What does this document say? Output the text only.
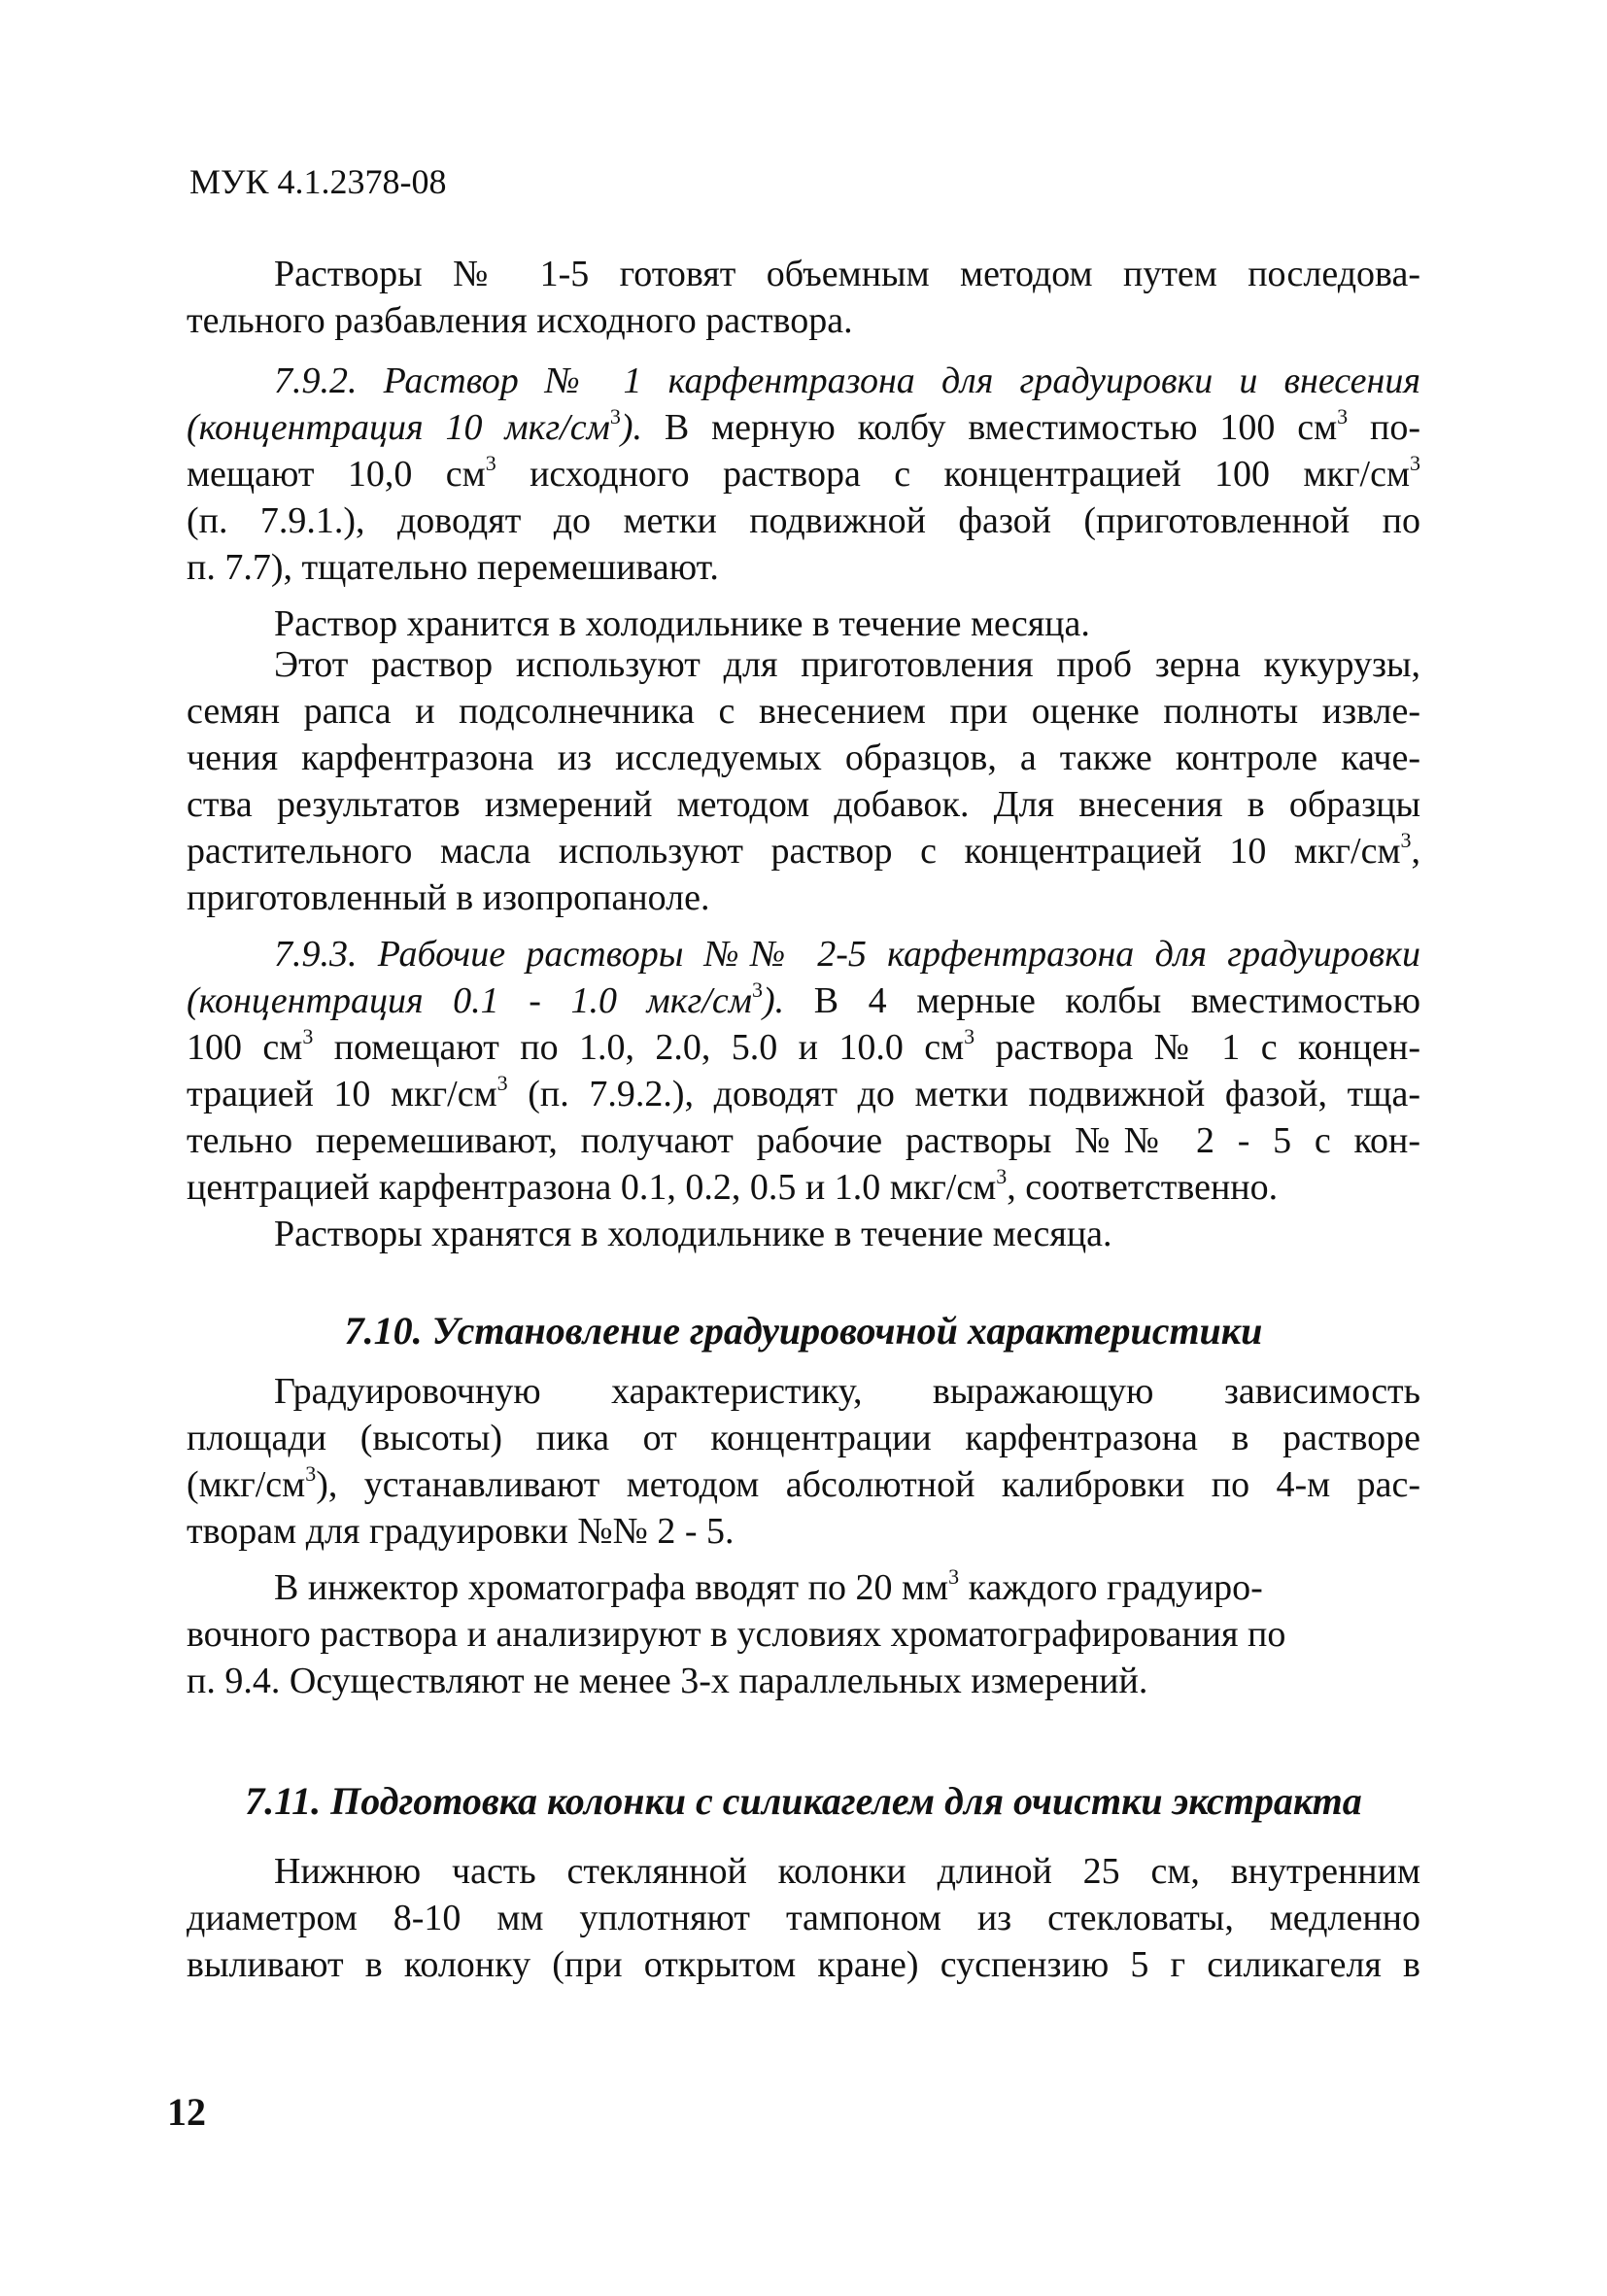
МУК 4.1.2378-08
Растворы № 1-5 готовят объемным методом путем последова-
тельного разбавления исходного раствора.
7.9.2. Раствор № 1 карфентразона для градуировки и внесения
(концентрация 10 мкг/$см^3$). В мерную колбу вместимостью 100 $см^3$ по-
мещают 10,0 $см^3$ исходного раствора с концентрацией 100 мкг/$см^3$
(п. 7.9.1.), доводят до метки подвижной фазой (приготовленной по
п. 7.7), тщательно перемешивают.
Раствор хранится в холодильнике в течение месяца.
Этот раствор используют для приготовления проб зерна кукурузы,
семян рапса и подсолнечника с внесением при оценке полноты извле-
чения карфентразона из исследуемых образцов, а также контроле каче-
ства результатов измерений методом добавок. Для внесения в образцы
растительного масла используют раствор с концентрацией 10 мкг/$см^3$,
приготовленный в изопропаноле.
7.9.3. Рабочие растворы №№ 2-5 карфентразона для градуировки
(концентрация 0.1 - 1.0 мкг/$см^3$). В 4 мерные колбы вместимостью
100 $см^3$ помещают по 1.0, 2.0, 5.0 и 10.0 $см^3$ раствора № 1 с концен-
трацией 10 мкг/$см^3$ (п. 7.9.2.), доводят до метки подвижной фазой, тща-
тельно перемешивают, получают рабочие растворы №№ 2 - 5 с кон-
центрацией карфентразона 0.1, 0.2, 0.5 и 1.0 мкг/$см^3$, соответственно.
Растворы хранятся в холодильнике в течение месяца.
7.10. Установление градуировочной характеристики
Градуировочную характеристику, выражающую зависимость
площади (высоты) пика от концентрации карфентразона в растворе
$(мкг/см^3)$, устанавливают методом абсолютной калибровки по 4-м рас-
творам для градуировки №№ 2 - 5.
В инжектор хроматографа вводят по 20 $мм^3$ каждого градуиро-
вочного раствора и анализируют в условиях хроматографирования по
п. 9.4. Осуществляют не менее 3-х параллельных измерений.
7.11. Подготовка колонки с силикагелем для очистки экстракта
Нижнюю часть стеклянной колонки длиной 25 см, внутренним
диаметром 8-10 мм уплотняют тампоном из стекловаты, медленно
выливают в колонку (при открытом кране) суспензию 5 г силикагеля в
12
